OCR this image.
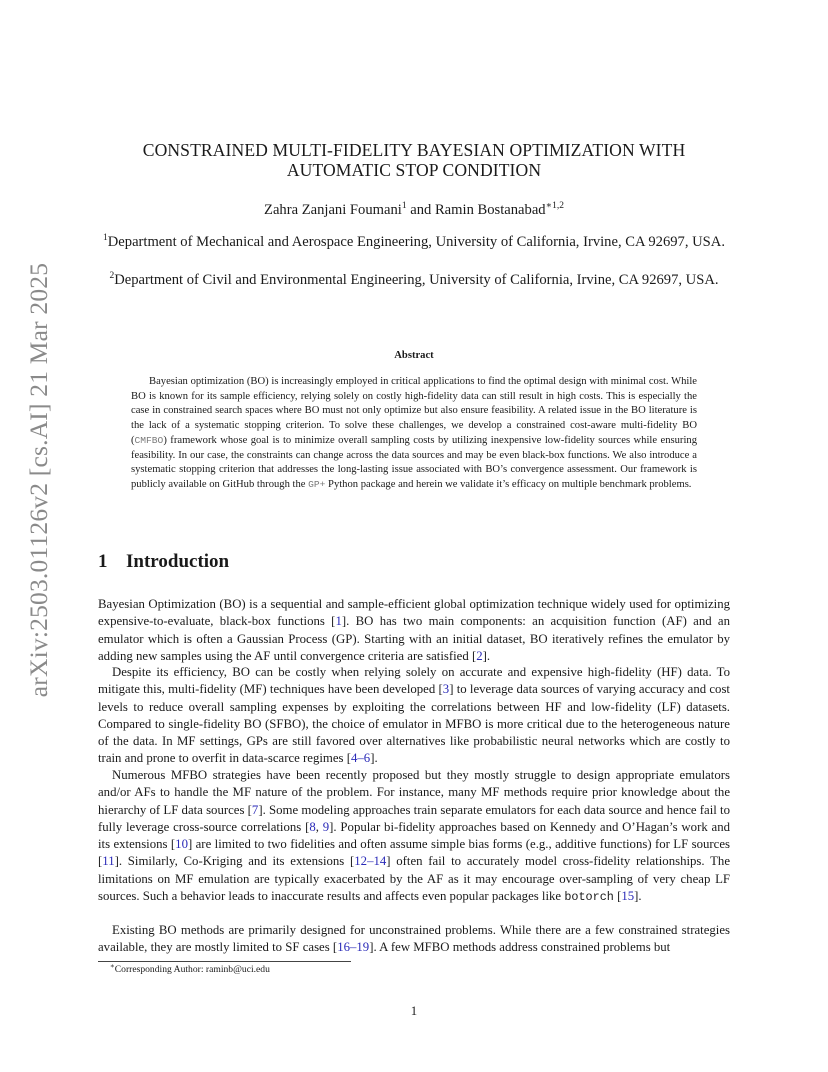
arXiv:2503.01126v2 [cs.AI] 21 Mar 2025
CONSTRAINED MULTI-FIDELITY BAYESIAN OPTIMIZATION WITH
AUTOMATIC STOP CONDITION
Zahra Zanjani Foumani$^1$ and Ramin Bostanabad$^{∗1,2}$
$^1$Department of Mechanical and Aerospace Engineering, University of California, Irvine, CA 92697, USA.
$^2$Department of Civil and Environmental Engineering, University of California, Irvine, CA 92697, USA.
Abstract

Bayesian optimization (BO) is increasingly employed in critical applications to find the optimal design with minimal cost. While BO is known for its sample efficiency, relying solely on costly high-fidelity data can still result in high costs. This is especially the case in constrained search spaces where BO must not only optimize but also ensure feasibility. A related issue in the BO literature is the lack of a systematic stopping criterion. To solve these challenges, we develop a constrained cost-aware multi-fidelity BO (CMFBO) framework whose goal is to minimize overall sampling costs by utilizing inexpensive low-fidelity sources while ensuring feasibility. In our case, the constraints can change across the data sources and may be even black-box functions. We also introduce a systematic stopping criterion that addresses the long-lasting issue associated with BO’s convergence assessment. Our framework is publicly available on GitHub through the GP+ Python package and herein we validate it’s efficacy on multiple benchmark problems.

1 Introduction

Bayesian Optimization (BO) is a sequential and sample-efficient global optimization technique widely used for optimizing expensive-to-evaluate, black-box functions [1]. BO has two main components: an acquisition function (AF) and an emulator which is often a Gaussian Process (GP). Starting with an initial dataset, BO iteratively refines the emulator by adding new samples using the AF until convergence criteria are satisfied [2].

Despite its efficiency, BO can be costly when relying solely on accurate and expensive high-fidelity (HF) data. To mitigate this, multi-fidelity (MF) techniques have been developed [3] to leverage data sources of varying accuracy and cost levels to reduce overall sampling expenses by exploiting the correlations between HF and low-fidelity (LF) datasets. Compared to single-fidelity BO (SFBO), the choice of emulator in MFBO is more critical due to the heterogeneous nature of the data. In MF settings, GPs are still favored over alternatives like probabilistic neural networks which are costly to train and prone to overfit in data-scarce regimes [4–6].

Numerous MFBO strategies have been recently proposed but they mostly struggle to design appropriate emulators and/or AFs to handle the MF nature of the problem. For instance, many MF methods require prior knowledge about the hierarchy of LF data sources [7]. Some modeling approaches train separate emulators for each data source and hence fail to fully leverage cross-source correlations [8, 9]. Popular bi-fidelity approaches based on Kennedy and O’Hagan’s work and its extensions [10] are limited to two fidelities and often assume simple bias forms (e.g., additive functions) for LF sources [11]. Similarly, Co-Kriging and its extensions [12–14] often fail to accurately model cross-fidelity relationships. The limitations on MF emulation are typically exacerbated by the AF as it may encourage over-sampling of very cheap LF sources. Such a behavior leads to inaccurate results and affects even popular packages like botorch [15].

Existing BO methods are primarily designed for unconstrained problems. While there are a few constrained strategies available, they are mostly limited to SF cases [16–19]. A few MFBO methods address constrained problems but

∗Corresponding Author: raminb@uci.edu
1
